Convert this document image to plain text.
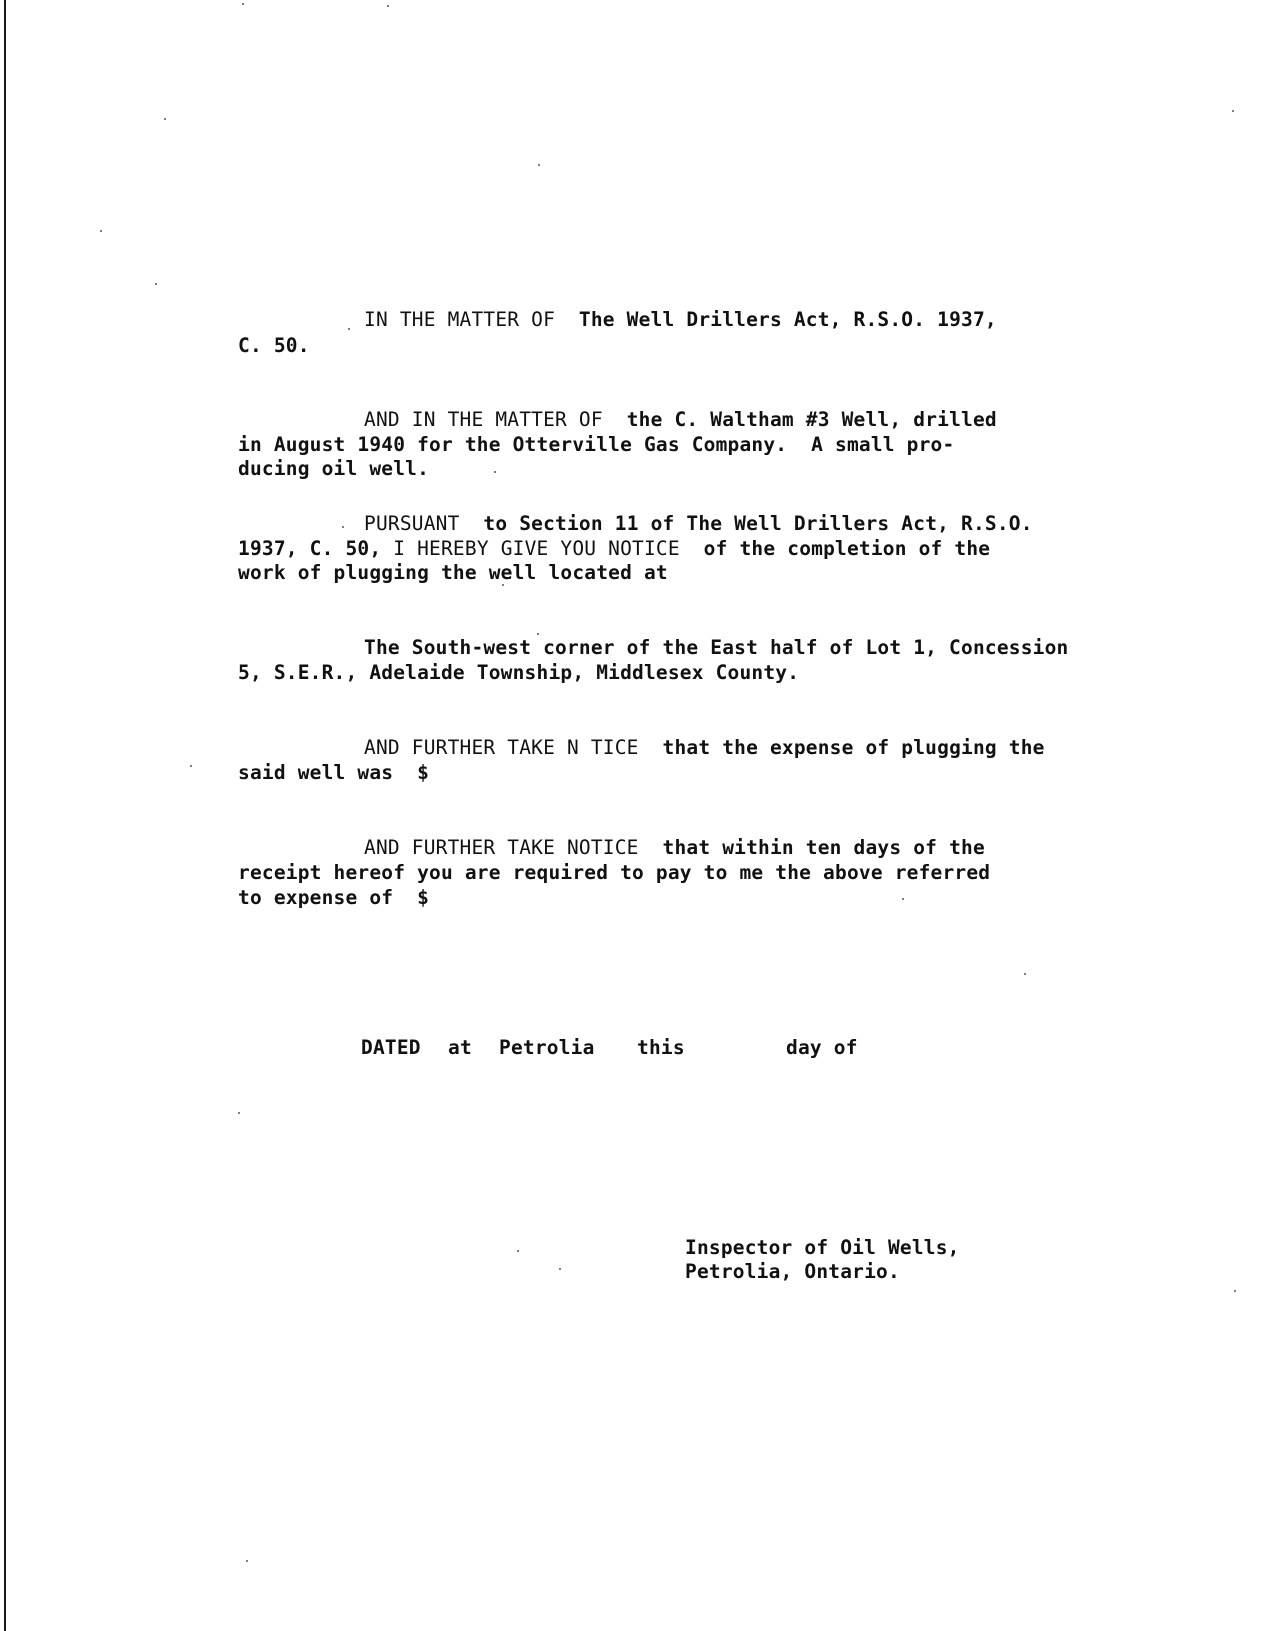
IN THE MATTER OF  The Well Drillers Act, R.S.O. 1937,
C. 50.
AND IN THE MATTER OF  the C. Waltham #3 Well, drilled
in August 1940 for the Otterville Gas Company.  A small pro-
ducing oil well.
PURSUANT  to Section 11 of The Well Drillers Act, R.S.O.
1937, C. 50, I HEREBY GIVE YOU NOTICE  of the completion of the
work of plugging the well located at
The South-west corner of the East half of Lot 1, Concession
5, S.E.R., Adelaide Township, Middlesex County.
AND FURTHER TAKE N TICE  that the expense of plugging the
said well was  $
AND FURTHER TAKE NOTICE  that within ten days of the
receipt hereof you are required to pay to me the above referred
to expense of  $
DATED at Petrolia this	day of
Inspector of Oil Wells,
Petrolia, Ontario.
